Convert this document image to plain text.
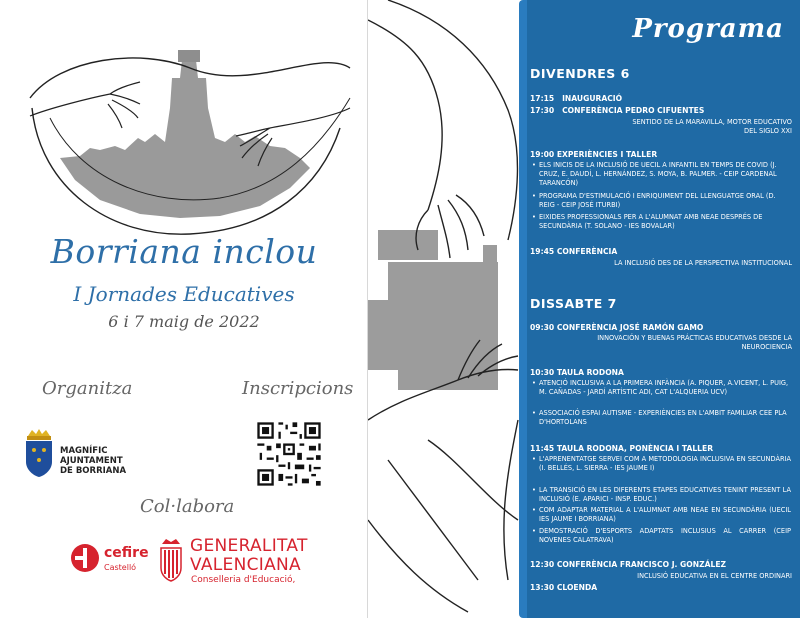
Borriana inclou
I Jornades Educatives
6 i 7 maig de 2022
Organitza	Inscripcions
MAGNÍFIC
AJUNTAMENT
DE BORRIANA
Col·labora
cefire
Castelló
GENERALITAT
VALENCIANA
Conselleria d'Educació,
Programa
DIVENDRES 6
17:15 INAUGURACIÓ
17:30 CONFERÈNCIA PEDRO CIFUENTES
SENTIDO DE LA MARAVILLA, MOTOR EDUCATIVO
DEL SIGLO XXI
19:00 EXPERIÈNCIES I TALLER
• ELS INICIS DE LA INCLUSIÓ DE UECIL A INFANTIL EN TEMPS DE COVID (J. CRUZ, E. DAUDÍ, L. HERNÁNDEZ, S. MOYA, B. PALMER. - CEIP CARDENAL TARANCÓN)
• PROGRAMA D'ESTIMULACIÓ I ENRIQUIMENT DEL LLENGUATGE ORAL (D. REIG - CEIP JOSÉ ITURBI)
• EIXIDES PROFESSIONALS PER A L'ALUMNAT AMB NEAE DESPRÉS DE SECUNDÀRIA (T. SOLANO - IES BOVALAR)
19:45 CONFERÈNCIA
LA INCLUSIÓ DES DE LA PERSPECTIVA INSTITUCIONAL
DISSABTE 7
09:30 CONFERÈNCIA JOSÉ RAMÓN GAMO
INNOVACIÓN Y BUENAS PRÁCTICAS EDUCATIVAS DESDE LA
NEUROCIENCIA
10:30 TAULA RODONA
• ATENCIÓ INCLUSIVA A LA PRIMERA INFÀNCIA (A. PIQUER, A.VICENT, L. PUIG, M. CAÑADAS - JARDÍ ARTÍSTIC ADI, CAT L'ALQUERIA UCV)
• ASSOCIACIÓ ESPAI AUTISME - EXPERIÈNCIES EN L'AMBIT FAMILIAR CEE PLA D'HORTOLANS
11:45 TAULA RODONA, PONÈNCIA I TALLER
• L'APRENENTATGE SERVEI COM A METODOLOGIA INCLUSIVA EN SECUNDÀRIA (I. BELLÉS, L. SIERRA - IES JAUME I)
• LA TRANSICIÓ EN LES DIFERENTS ETAPES EDUCATIVES TENINT PRESENT LA INCLUSIÓ (E. APARICI - INSP. EDUC.)
• COM ADAPTAR MATERIAL A L'ALUMNAT AMB NEAE EN SECUNDÀRIA (UECIL IES JAUME I BORRIANA)
• DEMOSTRACIÓ D'ESPORTS ADAPTATS INCLUSIUS AL CARRER (CEIP NOVENES CALATRAVA)
12:30 CONFERÈNCIA FRANCISCO J. GONZÁLEZ
INCLUSIÓ EDUCATIVA EN EL CENTRE ORDINARI
13:30 CLOENDA
